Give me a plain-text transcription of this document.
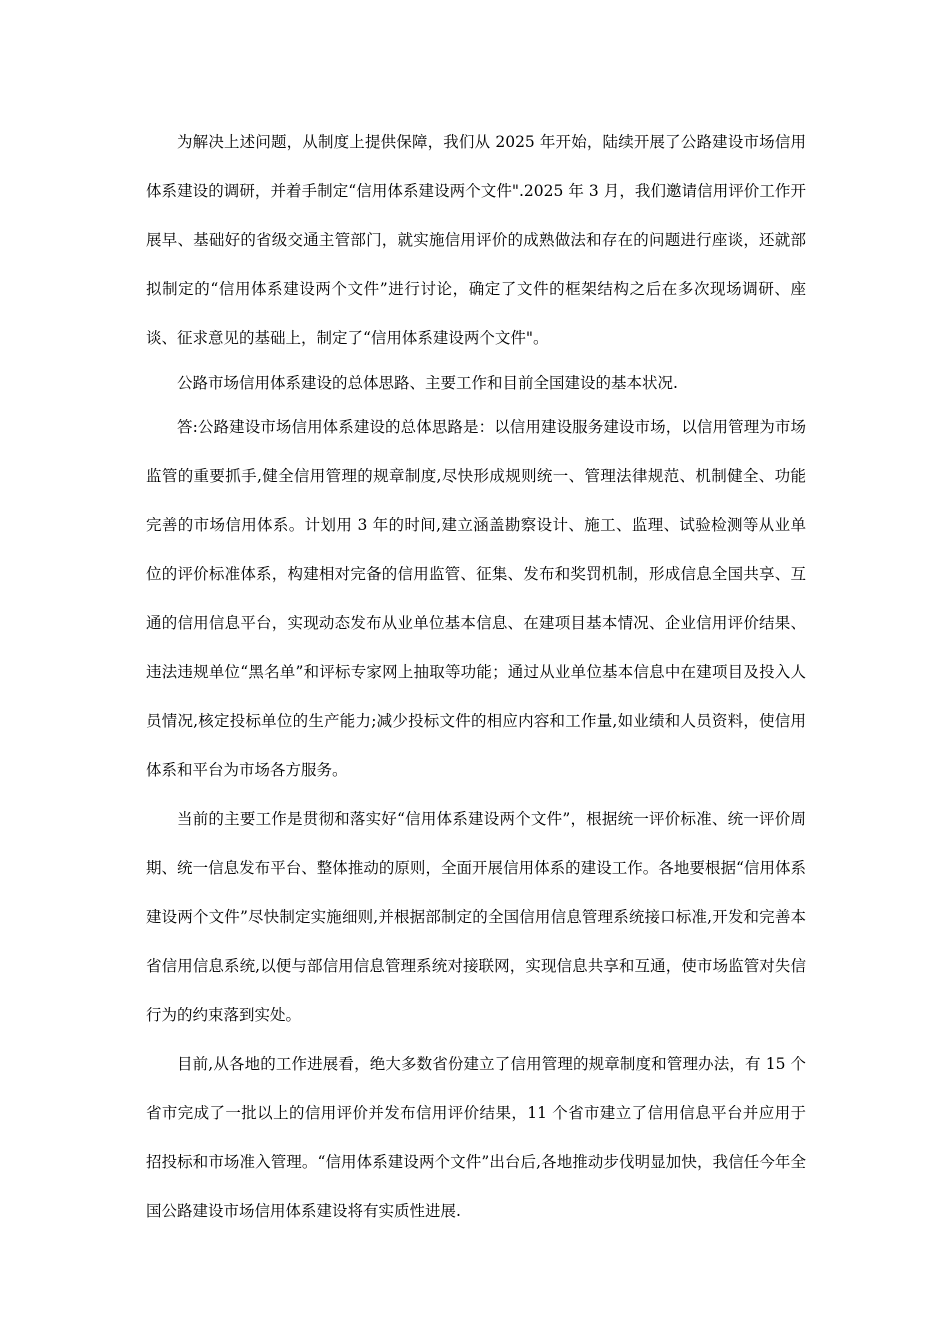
为解决上述问题，从制度上提供保障，我们从 2025 年开始，陆续开展了公路建设市场信用体系建设的调研，并着手制定“信用体系建设两个文件".2025 年 3 月，我们邀请信用评价工作开展早、基础好的省级交通主管部门，就实施信用评价的成熟做法和存在的问题进行座谈，还就部拟制定的“信用体系建设两个文件”进行讨论，确定了文件的框架结构之后在多次现场调研、座谈、征求意见的基础上，制定了“信用体系建设两个文件"。

公路市场信用体系建设的总体思路、主要工作和目前全国建设的基本状况.

答:公路建设市场信用体系建设的总体思路是：以信用建设服务建设市场，以信用管理为市场监管的重要抓手,健全信用管理的规章制度,尽快形成规则统一、管理法律规范、机制健全、功能完善的市场信用体系。计划用 3 年的时间,建立涵盖勘察设计、施工、监理、试验检测等从业单位的评价标准体系，构建相对完备的信用监管、征集、发布和奖罚机制，形成信息全国共享、互通的信用信息平台，实现动态发布从业单位基本信息、在建项目基本情况、企业信用评价结果、违法违规单位“黑名单”和评标专家网上抽取等功能；通过从业单位基本信息中在建项目及投入人员情况,核定投标单位的生产能力;减少投标文件的相应内容和工作量,如业绩和人员资料，使信用体系和平台为市场各方服务。

当前的主要工作是贯彻和落实好“信用体系建设两个文件”，根据统一评价标准、统一评价周期、统一信息发布平台、整体推动的原则，全面开展信用体系的建设工作。各地要根据“信用体系建设两个文件”尽快制定实施细则,并根据部制定的全国信用信息管理系统接口标准,开发和完善本省信用信息系统,以便与部信用信息管理系统对接联网，实现信息共享和互通，使市场监管对失信行为的约束落到实处。

目前,从各地的工作进展看，绝大多数省份建立了信用管理的规章制度和管理办法，有 15 个省市完成了一批以上的信用评价并发布信用评价结果，11 个省市建立了信用信息平台并应用于招投标和市场准入管理。“信用体系建设两个文件”出台后,各地推动步伐明显加快，我信任今年全国公路建设市场信用体系建设将有实质性进展.
